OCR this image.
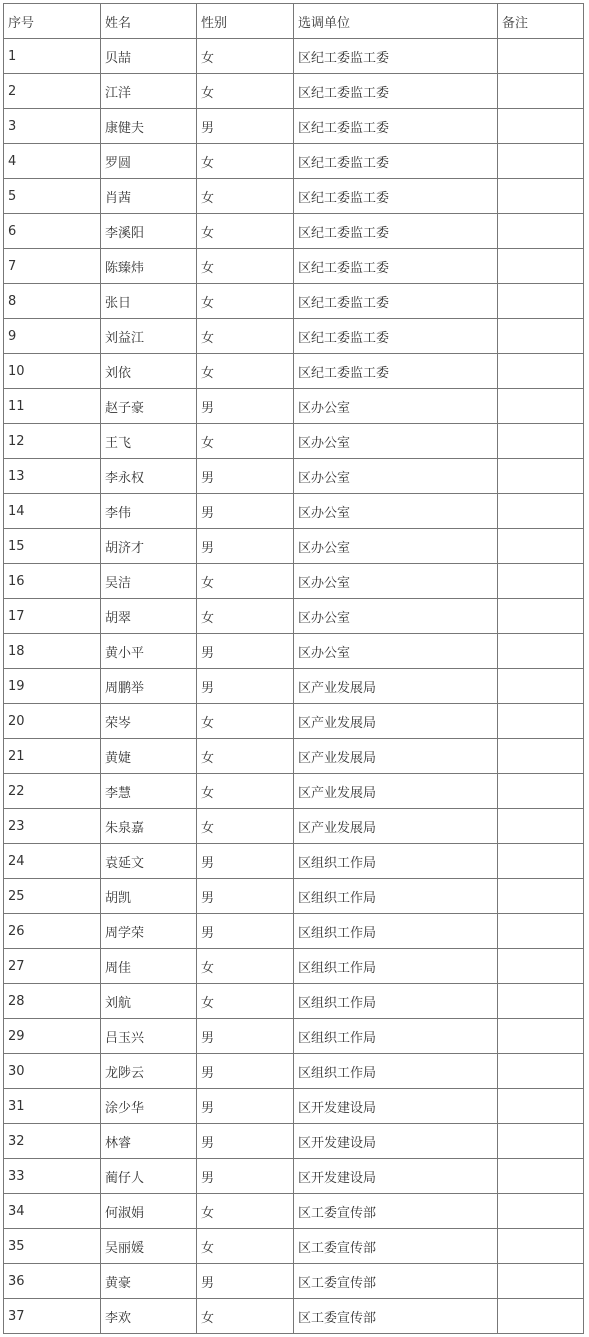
序号	姓名	性别	选调单位	备注
1	贝喆	女	区纪工委监工委	
2	江洋	女	区纪工委监工委	
3	康健夫	男	区纪工委监工委	
4	罗圆	女	区纪工委监工委	
5	肖茜	女	区纪工委监工委	
6	李溪阳	女	区纪工委监工委	
7	陈臻炜	女	区纪工委监工委	
8	张日	女	区纪工委监工委	
9	刘益江	女	区纪工委监工委	
10	刘依	女	区纪工委监工委	
11	赵子豪	男	区办公室	
12	王飞	女	区办公室	
13	李永权	男	区办公室	
14	李伟	男	区办公室	
15	胡济才	男	区办公室	
16	吴洁	女	区办公室	
17	胡翠	女	区办公室	
18	黄小平	男	区办公室	
19	周鹏举	男	区产业发展局	
20	荣岑	女	区产业发展局	
21	黄婕	女	区产业发展局	
22	李慧	女	区产业发展局	
23	朱泉嘉	女	区产业发展局	
24	袁延文	男	区组织工作局	
25	胡凯	男	区组织工作局	
26	周学荣	男	区组织工作局	
27	周佳	女	区组织工作局	
28	刘航	女	区组织工作局	
29	吕玉兴	男	区组织工作局	
30	龙陟云	男	区组织工作局	
31	涂少华	男	区开发建设局	
32	林睿	男	区开发建设局	
33	蔺仔人	男	区开发建设局	
34	何淑娟	女	区工委宣传部	
35	吴丽媛	女	区工委宣传部	
36	黄豪	男	区工委宣传部	
37	李欢	女	区工委宣传部	
